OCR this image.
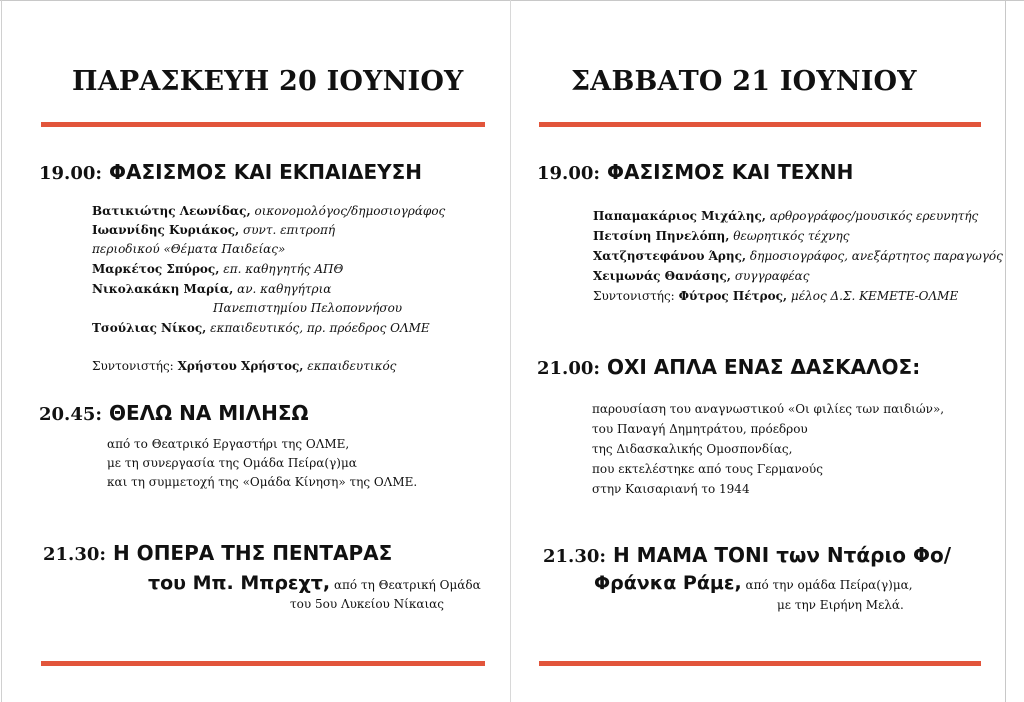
ΠΑΡΑΣΚΕΥΗ 20 ΙΟΥΝΙΟΥ
19.00: ΦΑΣΙΣΜΟΣ ΚΑΙ ΕΚΠΑΙΔΕΥΣΗ

Βατικιώτης Λεωνίδας, οικονομολόγος/δημοσιογράφος

Ιωαννίδης Κυριάκος, συντ. επιτροπή

περιοδικού «Θέματα Παιδείας»

Μαρκέτος Σπύρος, επ. καθηγητής ΑΠΘ

Νικολακάκη Μαρία, αν. καθηγήτρια

Πανεπιστημίου Πελοποννήσου

Τσούλιας Νίκος, εκπαιδευτικός, πρ. πρόεδρος ΟΛΜΕ

Συντονιστής: Χρήστου Χρήστος, εκπαιδευτικός

20.45: ΘΕΛΩ ΝΑ ΜΙΛΗΣΩ

από το Θεατρικό Εργαστήρι της ΟΛΜΕ,

με τη συνεργασία της Ομάδα Πείρα(γ)μα

και τη συμμετοχή της «Ομάδα Κίνηση» της ΟΛΜΕ.

21.30: Η ΟΠΕΡΑ ΤΗΣ ΠΕΝΤΑΡΑΣ

του Μπ. Μπρεχτ, από τη Θεατρική Ομάδα

του 5ου Λυκείου Νίκαιας

ΣΑΒΒΑΤΟ 21 ΙΟΥΝΙΟΥ
19.00: ΦΑΣΙΣΜΟΣ ΚΑΙ ΤΕΧΝΗ

Παπαμακάριος Μιχάλης, αρθρογράφος/μουσικός ερευνητής

Πετσίνη Πηνελόπη, θεωρητικός τέχνης

Χατζηστεφάνου Άρης, δημοσιογράφος, ανεξάρτητος παραγωγός

Χειμωνάς Θανάσης, συγγραφέας

Συντονιστής: Φύτρος Πέτρος, μέλος Δ.Σ. ΚΕΜΕΤΕ-ΟΛΜΕ

21.00: ΟΧΙ ΑΠΛΑ ΕΝΑΣ ΔΑΣΚΑΛΟΣ:

παρουσίαση του αναγνωστικού «Οι φιλίες των παιδιών»,

του Παναγή Δημητράτου, πρόεδρου

της Διδασκαλικής Ομοσπονδίας,

που εκτελέστηκε από τους Γερμανούς

στην Καισαριανή το 1944

21.30: Η ΜΑΜΑ ΤΟΝΙ των Ντάριο Φο/

Φράνκα Ράμε, από την ομάδα Πείρα(γ)μα,

με την Ειρήνη Μελά.
